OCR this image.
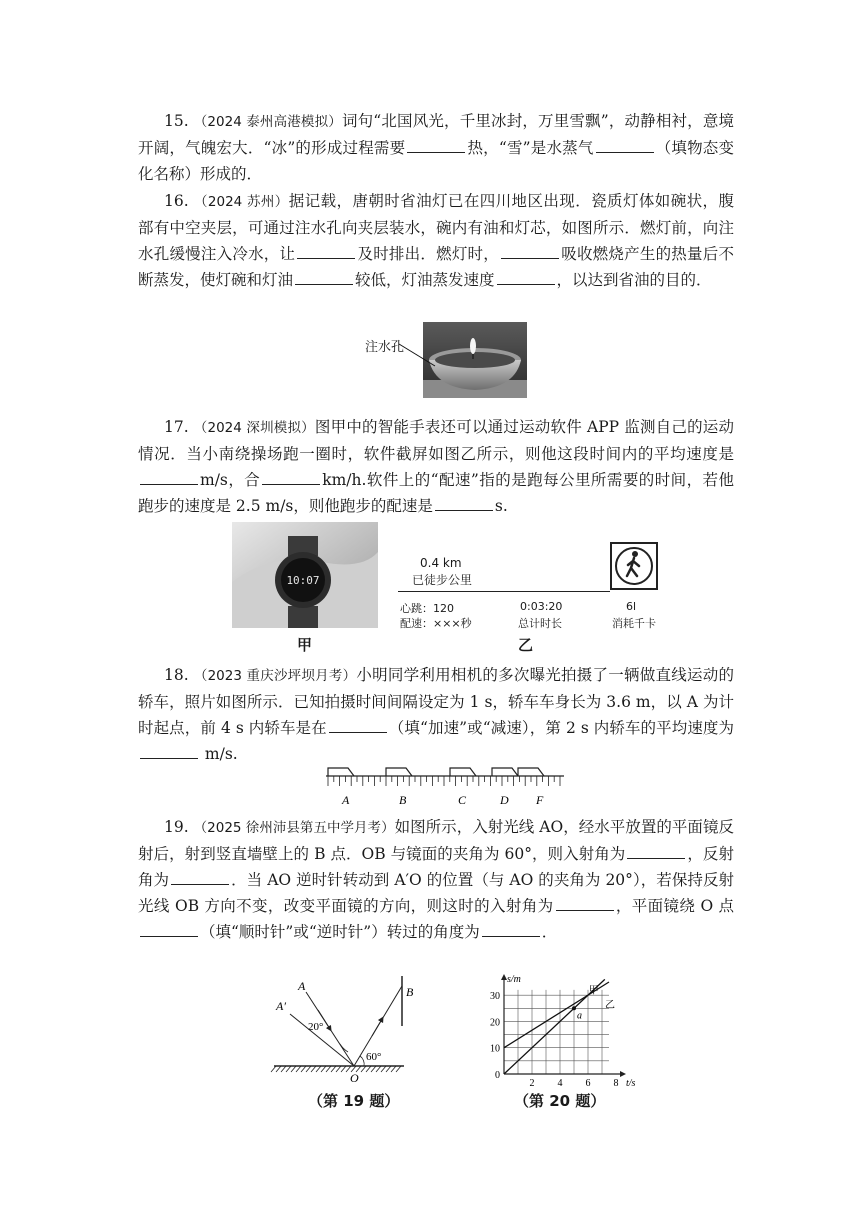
15. （2024 泰州高港模拟）词句“北国风光，千里冰封，万里雪飘”，动静相衬，意境开阔，气魄宏大．“冰”的形成过程需要	热，“雪”是水蒸气	（填物态变化名称）形成的．

16. （2024 苏州）据记载，唐朝时省油灯已在四川地区出现．瓷质灯体如碗状，腹部有中空夹层，可通过注水孔向夹层装水，碗内有油和灯芯，如图所示．燃灯前，向注水孔缓慢注入冷水，让	及时排出．燃灯时，	吸收燃烧产生的热量后不断蒸发，使灯碗和灯油	较低，灯油蒸发速度	，以达到省油的目的．

注水孔

17. （2024 深圳模拟）图甲中的智能手表还可以通过运动软件 APP 监测自己的运动情况．当小南绕操场跑一圈时，软件截屏如图乙所示，则他这段时间内的平均速度是m/s，合	km/h.软件上的“配速”指的是跑每公里所需要的时间，若他跑步的速度是 2.5 m/s，则他跑步的配速是	s.

10:07
0.4 km
已徒步公里
心跳：120
配速：×××秒
0:03:20
总计时长
6l
消耗千卡
甲	乙

18. （2023 重庆沙坪坝月考）小明同学利用相机的多次曝光拍摄了一辆做直线运动的轿车，照片如图所示．已知拍摄时间间隔设定为 1 s，轿车车身长为 3.6 m，以 A 为计时起点，前 4 s 内轿车是在	（填“加速”或“减速），第 2 s 内轿车的平均速度为 m/s.

A	B	C	D F

19. （2025 徐州沛县第五中学月考）如图所示，入射光线 AO，经水平放置的平面镜反射后，射到竖直墙壁上的 B 点．OB 与镜面的夹角为 60°，则入射角为	，反射角为	．当 AO 逆时针转动到 A′O 的位置（与 AO 的夹角为 20°），若保持反射光线 OB 方向不变，改变平面镜的方向，则这时的入射角为	，平面镜绕 O 点（填“顺时针”或“逆时针”）转过的角度为	．

A
A′
B
O
20°
60°
（第 19 题）
2 4 6 8
0
10
20
30
t/s
s/m
甲
乙
a
（第 20 题）
